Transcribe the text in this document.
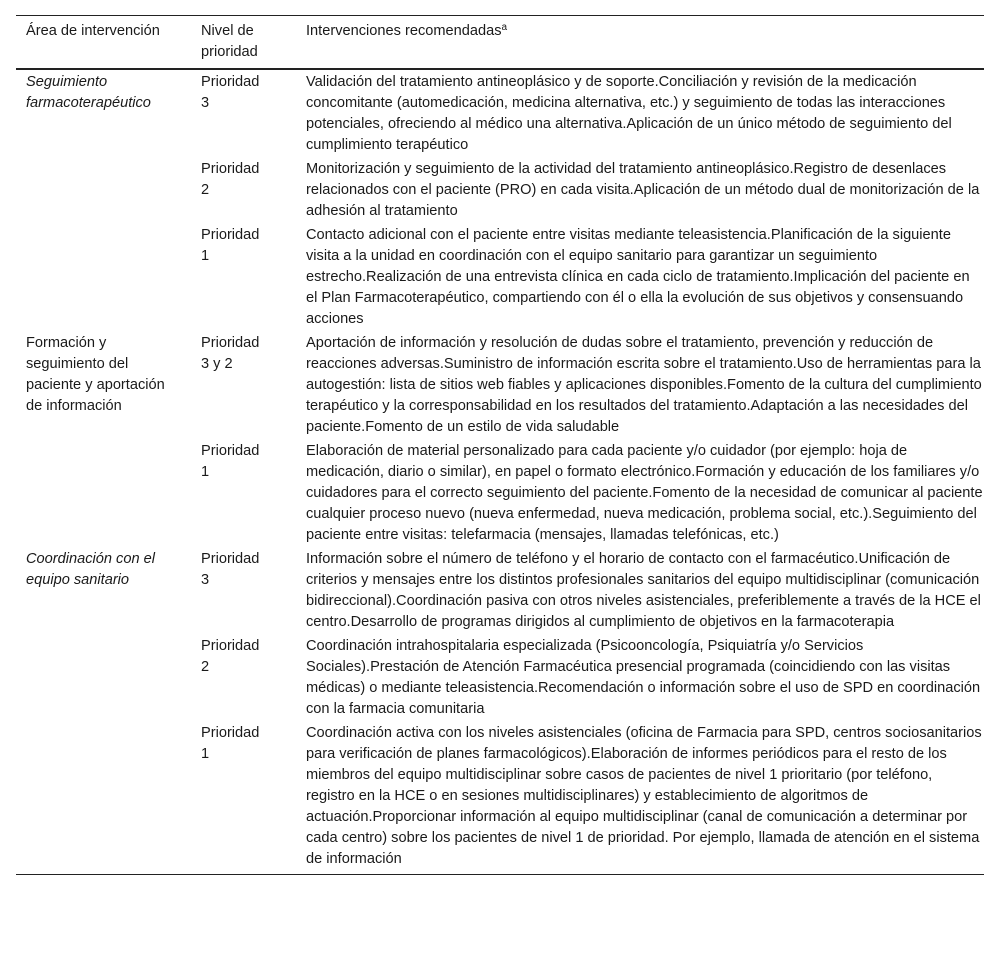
Área de intervención	Nivel de prioridad	Intervenciones recomendadas$^a$
Seguimiento farmacoterapéutico	Prioridad 3	Validación del tratamiento antineoplásico y de soporte.Conciliación y revisión de la medicación concomitante (automedicación, medicina alternativa, etc.) y seguimiento de todas las interacciones potenciales, ofreciendo al médico una alternativa.Aplicación de un único método de seguimiento del cumplimiento terapéutico
	Prioridad 2	Monitorización y seguimiento de la actividad del tratamiento antineoplásico.Registro de desenlaces relacionados con el paciente (PRO) en cada visita.Aplicación de un método dual de monitorización de la adhesión al tratamiento
	Prioridad 1	Contacto adicional con el paciente entre visitas mediante teleasistencia.Planificación de la siguiente visita a la unidad en coordinación con el equipo sanitario para garantizar un seguimiento estrecho.Realización de una entrevista clínica en cada ciclo de tratamiento.Implicación del paciente en el Plan Farmacoterapéutico, compartiendo con él o ella la evolución de sus objetivos y consensuando acciones
Formación y seguimiento del paciente y aportación de información	Prioridad 3 y 2	Aportación de información y resolución de dudas sobre el tratamiento, prevención y reducción de reacciones adversas.Suministro de información escrita sobre el tratamiento.Uso de herramientas para la autogestión: lista de sitios web fiables y aplicaciones disponibles.Fomento de la cultura del cumplimiento terapéutico y la corresponsabilidad en los resultados del tratamiento.Adaptación a las necesidades del paciente.Fomento de un estilo de vida saludable
	Prioridad 1	Elaboración de material personalizado para cada paciente y/o cuidador (por ejemplo: hoja de medicación, diario o similar), en papel o formato electrónico.Formación y educación de los familiares y/o cuidadores para el correcto seguimiento del paciente.Fomento de la necesidad de comunicar al paciente cualquier proceso nuevo (nueva enfermedad, nueva medicación, problema social, etc.).Seguimiento del paciente entre visitas: telefarmacia (mensajes, llamadas telefónicas, etc.)
Coordinación con el equipo sanitario	Prioridad 3	Información sobre el número de teléfono y el horario de contacto con el farmacéutico.Unificación de criterios y mensajes entre los distintos profesionales sanitarios del equipo multidisciplinar (comunicación bidireccional).Coordinación pasiva con otros niveles asistenciales, preferiblemente a través de la HCE el centro.Desarrollo de programas dirigidos al cumplimiento de objetivos en la farmacoterapia
	Prioridad 2	Coordinación intrahospitalaria especializada (Psicooncología, Psiquiatría y/o Servicios Sociales).Prestación de Atención Farmacéutica presencial programada (coincidiendo con las visitas médicas) o mediante teleasistencia.Recomendación o información sobre el uso de SPD en coordinación con la farmacia comunitaria
	Prioridad 1	Coordinación activa con los niveles asistenciales (oficina de Farmacia para SPD, centros sociosanitarios para verificación de planes farmacológicos).Elaboración de informes periódicos para el resto de los miembros del equipo multidisciplinar sobre casos de pacientes de nivel 1 prioritario (por teléfono, registro en la HCE o en sesiones multidisciplinares) y establecimiento de algoritmos de actuación.Proporcionar información al equipo multidisciplinar (canal de comunicación a determinar por cada centro) sobre los pacientes de nivel 1 de prioridad. Por ejemplo, llamada de atención en el sistema de información
